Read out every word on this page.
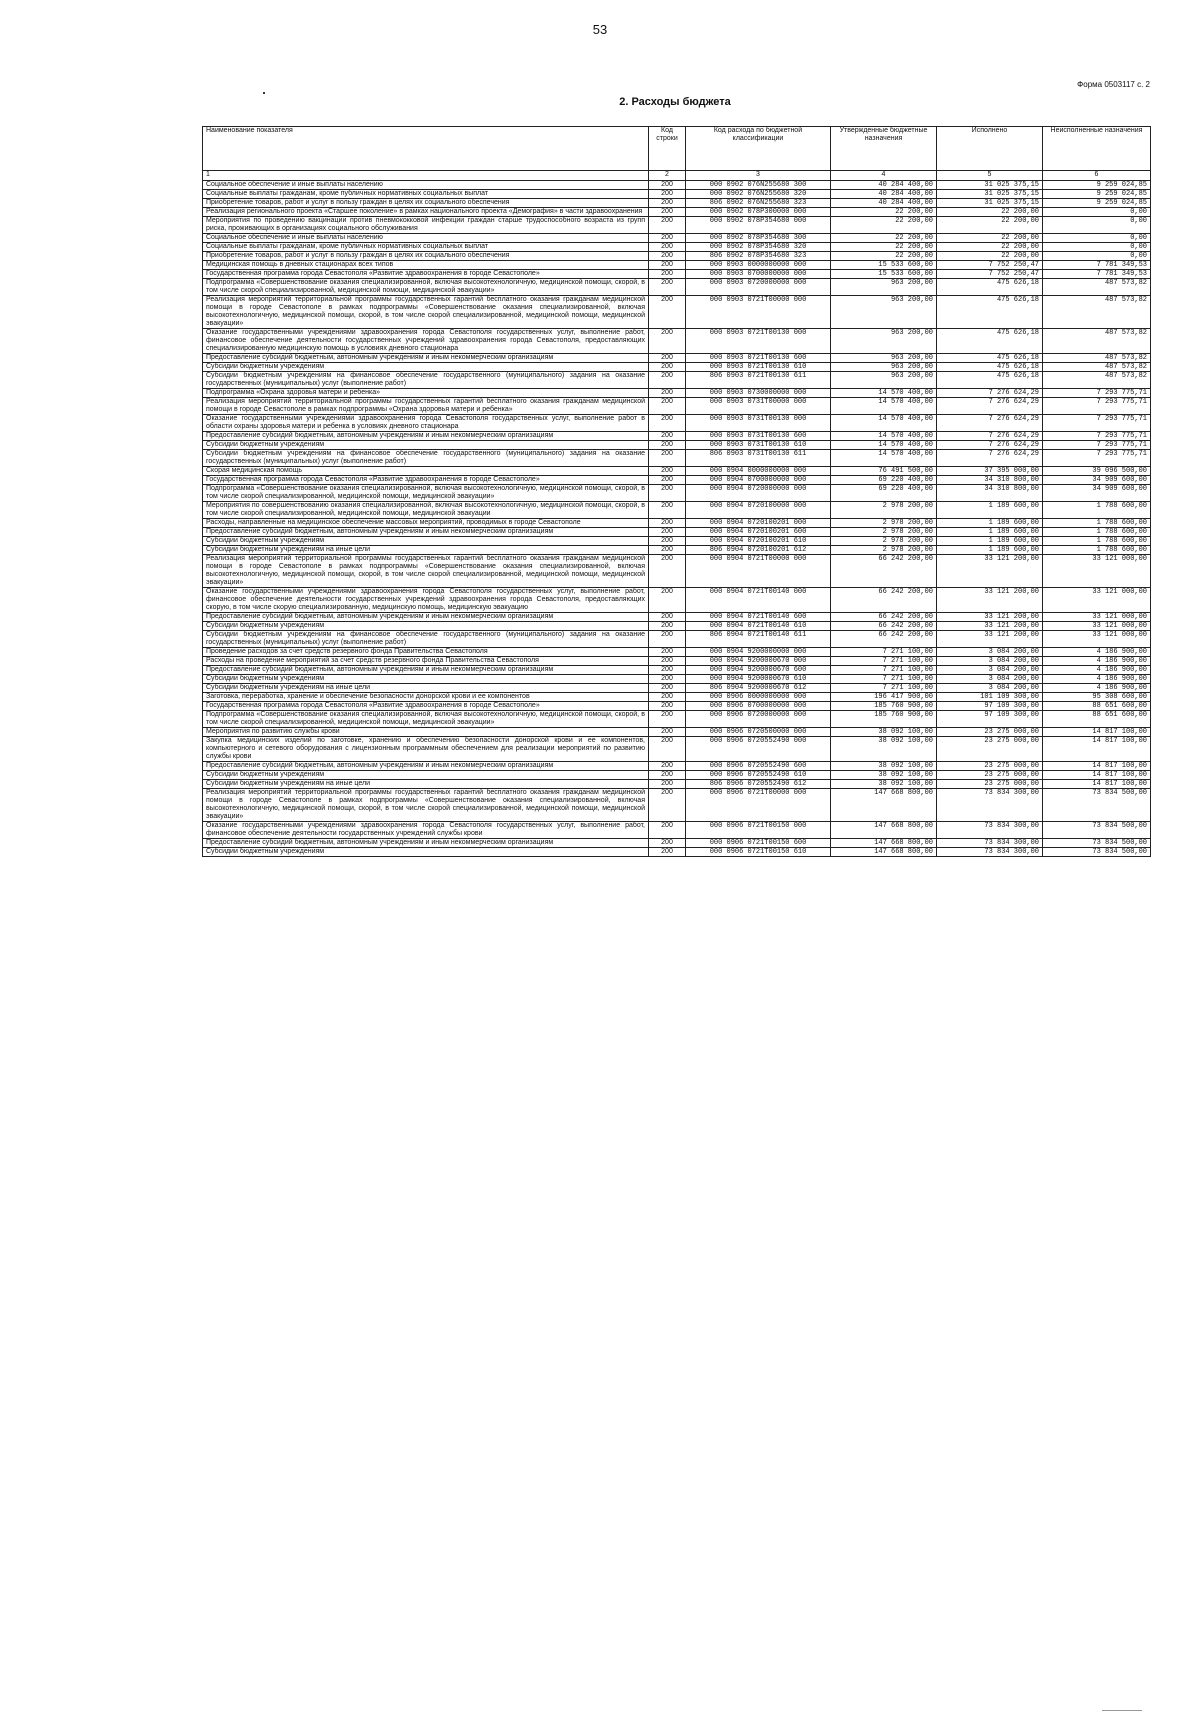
53
Форма 0503117 с. 2
2. Расходы бюджета
Наименование показателя	Код строки	Код расхода по бюджетной классификации	Утвержденные бюджетные назначения	Исполнено	Неисполненные назначения
1	2	3	4	5	6
Социальное обеспечение и иные выплаты населению	200	000 0902 076N255680 300	40 284 400,00	31 025 375,15	9 259 024,85
Социальные выплаты гражданам, кроме публичных нормативных социальных выплат	200	000 0902 076N255680 320	40 284 400,00	31 025 375,15	9 259 024,85
Приобретение товаров, работ и услуг в пользу граждан в целях их социального обеспечения	200	806 0902 076N255680 323	40 284 400,00	31 025 375,15	9 259 024,85
Реализация регионального проекта «Старшее поколение» в рамках национального проекта «Демография» в части здравоохранения	200	000 0902 078P300000 000	22 200,00	22 200,00	0,00
Мероприятия по проведению вакцинации против пневмококковой инфекции граждан старше трудоспособного возраста из групп риска, проживающих в организациях социального обслуживания	200	000 0902 078P354680 000	22 200,00	22 200,00	0,00
Социальное обеспечение и иные выплаты населению	200	000 0902 078P354680 300	22 200,00	22 200,00	0,00
Социальные выплаты гражданам, кроме публичных нормативных социальных выплат	200	000 0902 078P354680 320	22 200,00	22 200,00	0,00
Приобретение товаров, работ и услуг в пользу граждан в целях их социального обеспечения	200	806 0902 078P354680 323	22 200,00	22 200,00	0,00
Медицинская помощь в дневных стационарах всех типов	200	000 0903 0000000000 000	15 533 600,00	7 752 250,47	7 781 349,53
Государственная программа города Севастополя «Развитие здравоохранения в городе Севастополе»	200	000 0903 0700000000 000	15 533 600,00	7 752 250,47	7 781 349,53
Подпрограмма «Совершенствование оказания специализированной, включая высокотехнологичную, медицинской помощи, скорой, в том числе скорой специализированной, медицинской помощи, медицинской эвакуации»	200	000 0903 0720000000 000	963 200,00	475 626,18	487 573,82
Реализация мероприятий территориальной программы государственных гарантий бесплатного оказания гражданам медицинской помощи в городе Севастополе в рамках подпрограммы «Совершенствование оказания специализированной, включая высокотехнологичную, медицинской помощи, скорой, в том числе скорой специализированной, медицинской помощи, медицинской эвакуации»	200	000 0903 0721T00000 000	963 200,00	475 626,18	487 573,82
Оказание государственными учреждениями здравоохранения города Севастополя государственных услуг, выполнение работ, финансовое обеспечение деятельности государственных учреждений здравоохранения города Севастополя, предоставляющих специализированную медицинскую помощь в условиях дневного стационара	200	000 0903 0721T00130 000	963 200,00	475 626,18	487 573,82
Предоставление субсидий бюджетным, автономным учреждениям и иным некоммерческим организациям	200	000 0903 0721T00130 600	963 200,00	475 626,18	487 573,82
Субсидии бюджетным учреждениям	200	000 0903 0721T00130 610	963 200,00	475 626,18	487 573,82
Субсидии бюджетным учреждениям на финансовое обеспечение государственного (муниципального) задания на оказание государственных (муниципальных) услуг (выполнение работ)	200	806 0903 0721T00130 611	963 200,00	475 626,18	487 573,82
Подпрограмма «Охрана здоровья матери и ребенка»	200	000 0903 0730000000 000	14 570 400,00	7 276 624,29	7 293 775,71
Реализация мероприятий территориальной программы государственных гарантий бесплатного оказания гражданам медицинской помощи в городе Севастополе в рамках подпрограммы «Охрана здоровья матери и ребенка»	200	000 0903 0731T00000 000	14 570 400,00	7 276 624,29	7 293 775,71
Оказание государственными учреждениями здравоохранения города Севастополя государственных услуг, выполнение работ в области охраны здоровья матери и ребенка в условиях дневного стационара	200	000 0903 0731T00130 000	14 570 400,00	7 276 624,29	7 293 775,71
Предоставление субсидий бюджетным, автономным учреждениям и иным некоммерческим организациям	200	000 0903 0731T00130 600	14 570 400,00	7 276 624,29	7 293 775,71
Субсидии бюджетным учреждениям	200	000 0903 0731T00130 610	14 570 400,00	7 276 624,29	7 293 775,71
Субсидии бюджетным учреждениям на финансовое обеспечение государственного (муниципального) задания на оказание государственных (муниципальных) услуг (выполнение работ)	200	806 0903 0731T00130 611	14 570 400,00	7 276 624,29	7 293 775,71
Скорая медицинская помощь	200	000 0904 0000000000 000	76 491 500,00	37 395 000,00	39 096 500,00
Государственная программа города Севастополя «Развитие здравоохранения в городе Севастополе»	200	000 0904 0700000000 000	69 220 400,00	34 310 800,00	34 909 600,00
Подпрограмма «Совершенствование оказания специализированной, включая высокотехнологичную, медицинской помощи, скорой, в том числе скорой специализированной, медицинской помощи, медицинской эвакуации»	200	000 0904 0720000000 000	69 220 400,00	34 310 800,00	34 909 600,00
Мероприятия по совершенствованию оказания специализированной, включая высокотехнологичную, медицинской помощи, скорой, в том числе скорой специализированной, медицинской помощи, медицинской эвакуации	200	000 0904 0720100000 000	2 978 200,00	1 189 600,00	1 788 600,00
Расходы, направленные на медицинское обеспечение массовых мероприятий, проводимых в городе Севастополе	200	000 0904 0720100201 000	2 978 200,00	1 189 600,00	1 788 600,00
Предоставление субсидий бюджетным, автономным учреждениям и иным некоммерческим организациям	200	000 0904 0720100201 600	2 978 200,00	1 189 600,00	1 788 600,00
Субсидии бюджетным учреждениям	200	000 0904 0720100201 610	2 978 200,00	1 189 600,00	1 788 600,00
Субсидии бюджетным учреждениям на иные цели	200	806 0904 0720100201 612	2 978 200,00	1 189 600,00	1 788 600,00
Реализация мероприятий территориальной программы государственных гарантий бесплатного оказания гражданам медицинской помощи в городе Севастополе в рамках подпрограммы «Совершенствование оказания специализированной, включая высокотехнологичную, медицинской помощи, скорой, в том числе скорой специализированной, медицинской помощи, медицинской эвакуации»	200	000 0904 0721T00000 000	66 242 200,00	33 121 200,00	33 121 000,00
Оказание государственными учреждениями здравоохранения города Севастополя государственных услуг, выполнение работ, финансовое обеспечение деятельности государственных учреждений здравоохранения города Севастополя, предоставляющих скорую, в том числе скорую специализированную, медицинскую помощь, медицинскую эвакуацию	200	000 0904 0721T00140 000	66 242 200,00	33 121 200,00	33 121 000,00
Предоставление субсидий бюджетным, автономным учреждениям и иным некоммерческим организациям	200	000 0904 0721T00140 600	66 242 200,00	33 121 200,00	33 121 000,00
Субсидии бюджетным учреждениям	200	000 0904 0721T00140 610	66 242 200,00	33 121 200,00	33 121 000,00
Субсидии бюджетным учреждениям на финансовое обеспечение государственного (муниципального) задания на оказание государственных (муниципальных) услуг (выполнение работ)	200	806 0904 0721T00140 611	66 242 200,00	33 121 200,00	33 121 000,00
Проведение расходов за счет средств резервного фонда Правительства Севастополя	200	000 0904 9200000000 000	7 271 100,00	3 084 200,00	4 186 900,00
Расходы на проведение мероприятий за счет средств резервного фонда Правительства Севастополя	200	000 0904 9200000670 000	7 271 100,00	3 084 200,00	4 186 900,00
Предоставление субсидий бюджетным, автономным учреждениям и иным некоммерческим организациям	200	000 0904 9200000670 600	7 271 100,00	3 084 200,00	4 186 900,00
Субсидии бюджетным учреждениям	200	000 0904 9200000670 610	7 271 100,00	3 084 200,00	4 186 900,00
Субсидии бюджетным учреждениям на иные цели	200	806 0904 9200000670 612	7 271 100,00	3 084 200,00	4 186 900,00
Заготовка, переработка, хранение и обеспечение безопасности донорской крови и ее компонентов	200	000 0906 0000000000 000	196 417 900,00	101 109 300,00	95 308 600,00
Государственная программа города Севастополя «Развитие здравоохранения в городе Севастополе»	200	000 0906 0700000000 000	185 760 900,00	97 109 300,00	88 651 600,00
Подпрограмма «Совершенствование оказания специализированной, включая высокотехнологичную, медицинской помощи, скорой, в том числе скорой специализированной, медицинской помощи, медицинской эвакуации»	200	000 0906 0720000000 000	185 760 900,00	97 109 300,00	88 651 600,00
Мероприятия по развитию службы крови	200	000 0906 0720500000 000	38 092 100,00	23 275 000,00	14 817 100,00
Закупка медицинских изделий по заготовке, хранению и обеспечению безопасности донорской крови и ее компонентов, компьютерного и сетевого оборудования с лицензионным программным обеспечением для реализации мероприятий по развитию службы крови	200	000 0906 0720552490 000	38 092 100,00	23 275 000,00	14 817 100,00
Предоставление субсидий бюджетным, автономным учреждениям и иным некоммерческим организациям	200	000 0906 0720552490 600	38 092 100,00	23 275 000,00	14 817 100,00
Субсидии бюджетным учреждениям	200	000 0906 0720552490 610	38 092 100,00	23 275 000,00	14 817 100,00
Субсидии бюджетным учреждениям на иные цели	200	806 0906 0720552490 612	38 092 100,00	23 275 000,00	14 817 100,00
Реализация мероприятий территориальной программы государственных гарантий бесплатного оказания гражданам медицинской помощи в городе Севастополе в рамках подпрограммы «Совершенствование оказания специализированной, включая высокотехнологичную, медицинской помощи, скорой, в том числе скорой специализированной, медицинской помощи, медицинской эвакуации»	200	000 0906 0721T00000 000	147 668 800,00	73 834 300,00	73 834 500,00
Оказание государственными учреждениями здравоохранения города Севастополя государственных услуг, выполнение работ, финансовое обеспечение деятельности государственных учреждений службы крови	200	000 0906 0721T00150 000	147 668 800,00	73 834 300,00	73 834 500,00
Предоставление субсидий бюджетным, автономным учреждениям и иным некоммерческим организациям	200	000 0906 0721T00150 600	147 668 800,00	73 834 300,00	73 834 500,00
Субсидии бюджетным учреждениям	200	000 0906 0721T00150 610	147 668 800,00	73 834 300,00	73 834 500,00
